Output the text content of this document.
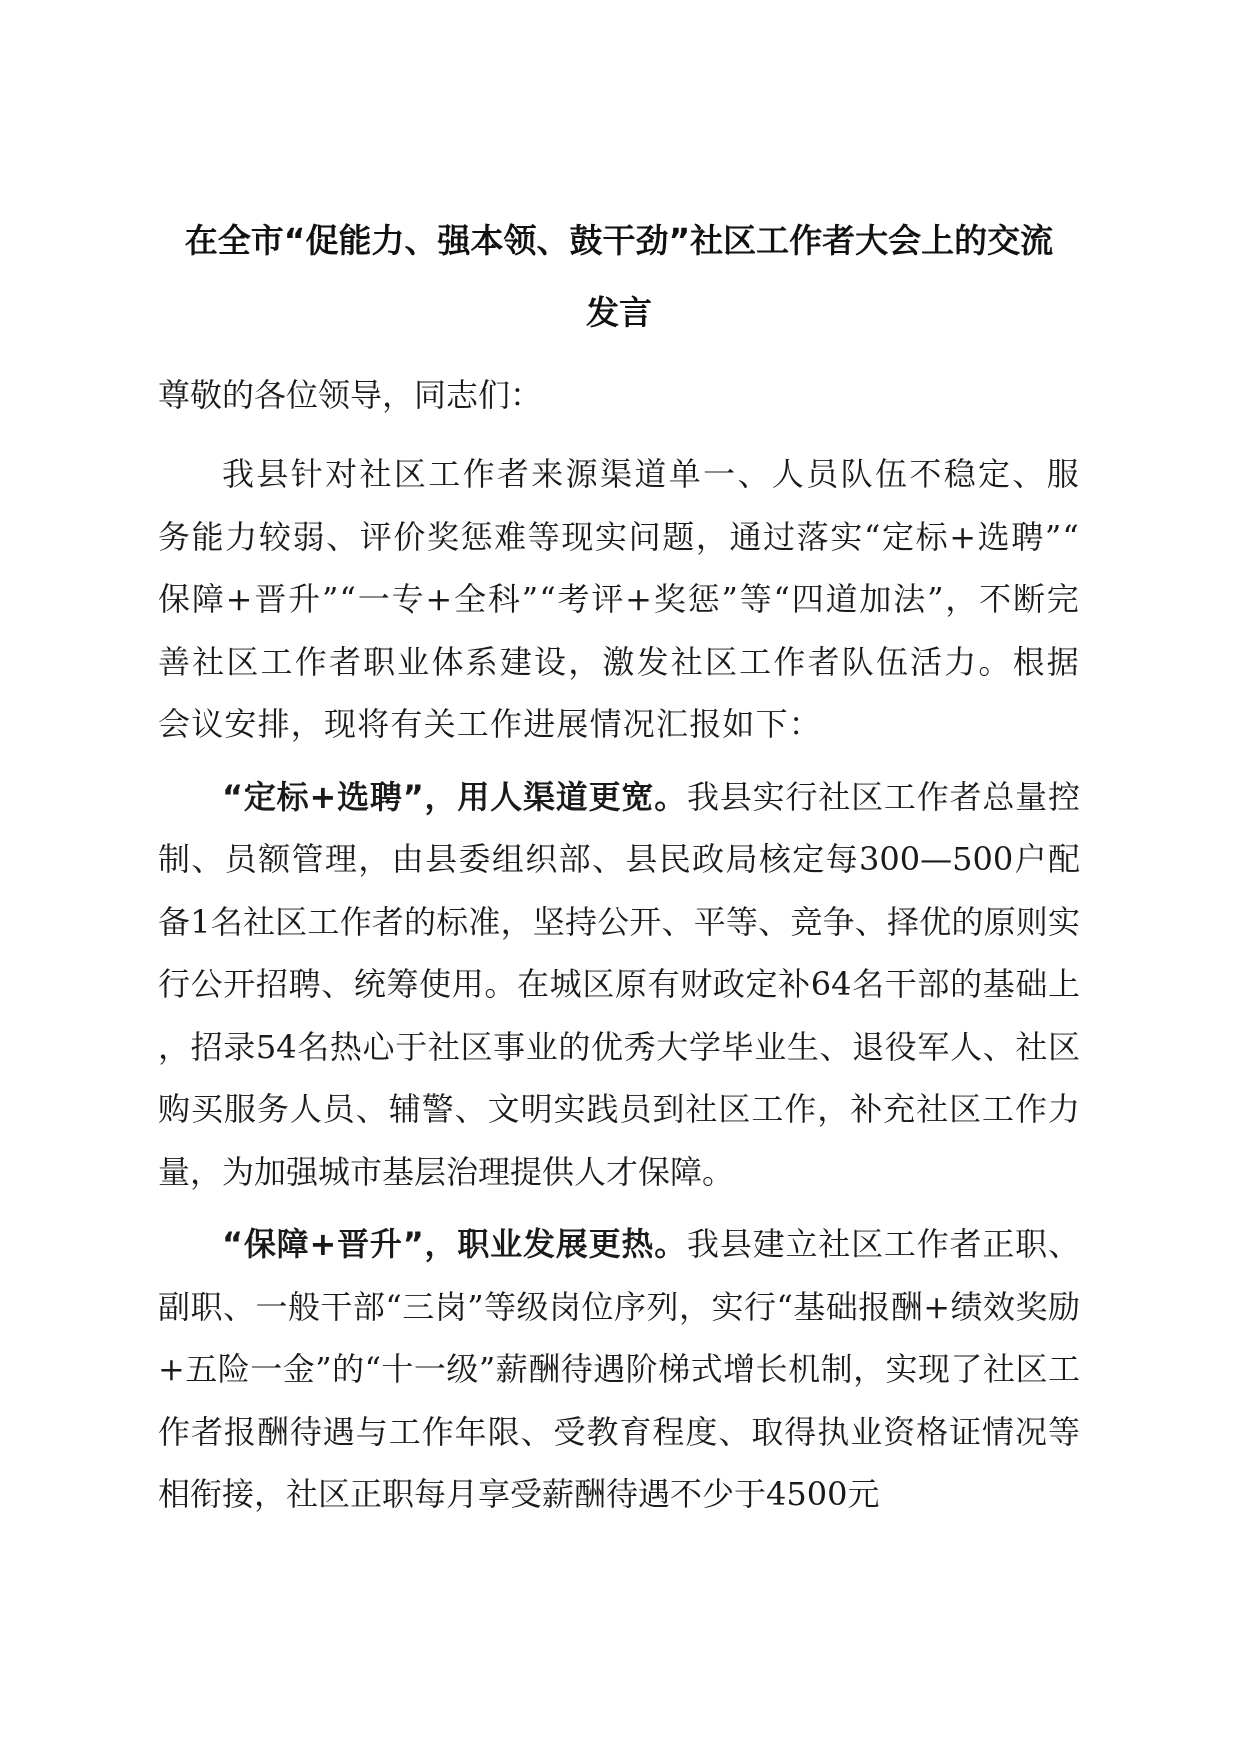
在全市“促能力、强本领、鼓干劲”社区工作者大会上的交流
发言

尊敬的各位领导，同志们：

我县针对社区工作者来源渠道单一、人员队伍不稳定、服务能力较弱、评价奖惩难等现实问题，通过落实“定标+选聘”“保障+晋升”“一专+全科”“考评+奖惩”等“四道加法”，不断完善社区工作者职业体系建设，激发社区工作者队伍活力。根据会议安排，现将有关工作进展情况汇报如下：

“定标+选聘”，用人渠道更宽。我县实行社区工作者总量控制、员额管理，由县委组织部、县民政局核定每300—500户配备1名社区工作者的标准，坚持公开、平等、竞争、择优的原则实行公开招聘、统筹使用。在城区原有财政定补64名干部的基础上，招录54名热心于社区事业的优秀大学毕业生、退役军人、社区购买服务人员、辅警、文明实践员到社区工作，补充社区工作力量，为加强城市基层治理提供人才保障。

“保障+晋升”，职业发展更热。我县建立社区工作者正职、副职、一般干部“三岗”等级岗位序列，实行“基础报酬+绩效奖励+五险一金”的“十一级”薪酬待遇阶梯式增长机制，实现了社区工作者报酬待遇与工作年限、受教育程度、取得执业资格证情况等相衔接，社区正职每月享受薪酬待遇不少于4500元
